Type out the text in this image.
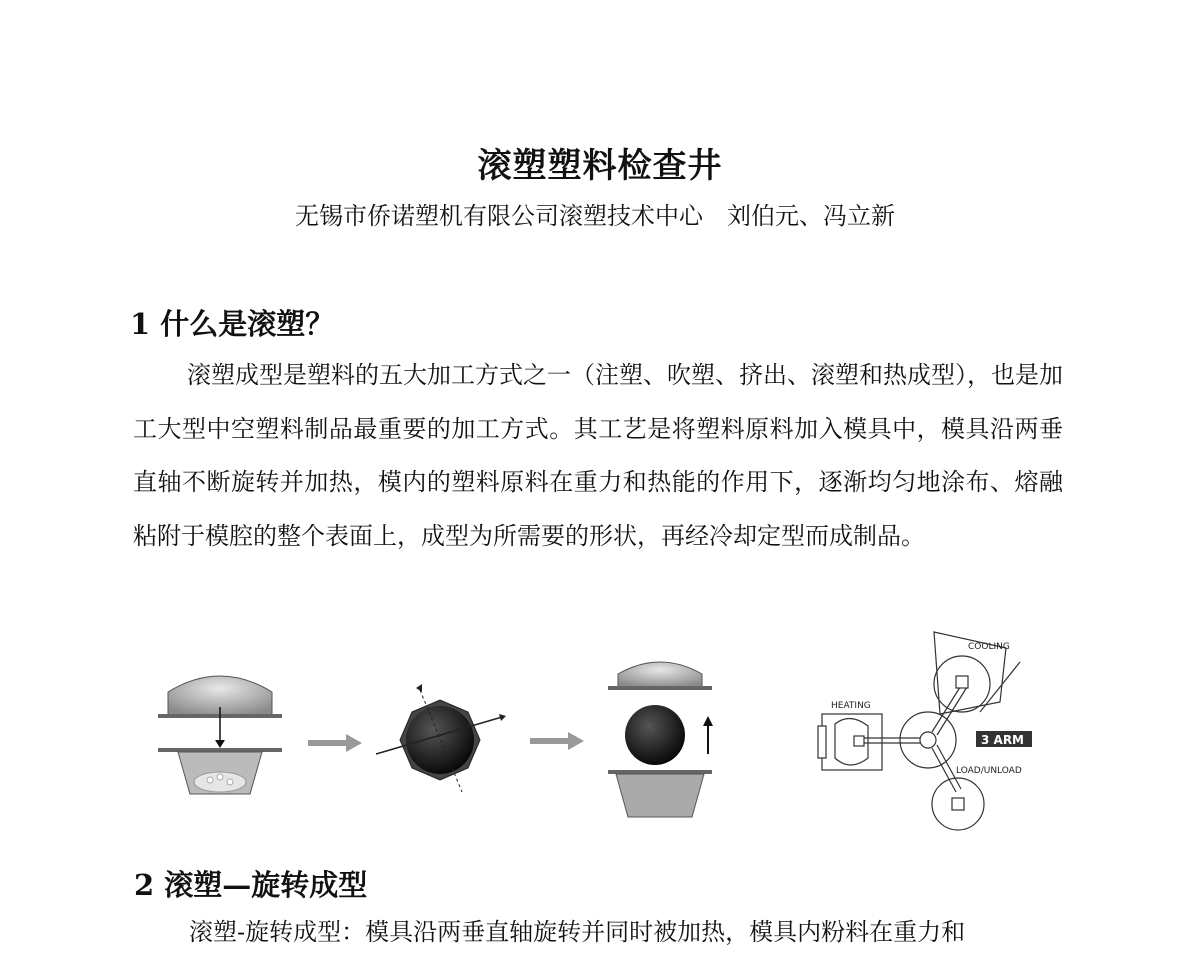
滚塑塑料检查井
无锡市侨诺塑机有限公司滚塑技术中心　刘伯元、冯立新
1 什么是滚塑？
滚塑成型是塑料的五大加工方式之一（注塑、吹塑、挤出、滚塑和热成型），也是加工大型中空塑料制品最重要的加工方式。其工艺是将塑料原料加入模具中，模具沿两垂直轴不断旋转并加热，模内的塑料原料在重力和热能的作用下，逐渐均匀地涂布、熔融粘附于模腔的整个表面上，成型为所需要的形状，再经冷却定型而成制品。
HEATING
COOLING
3 ARM
LOAD/UNLOAD
2 滚塑—旋转成型
滚塑-旋转成型：模具沿两垂直轴旋转并同时被加热，模具内粉料在重力和
